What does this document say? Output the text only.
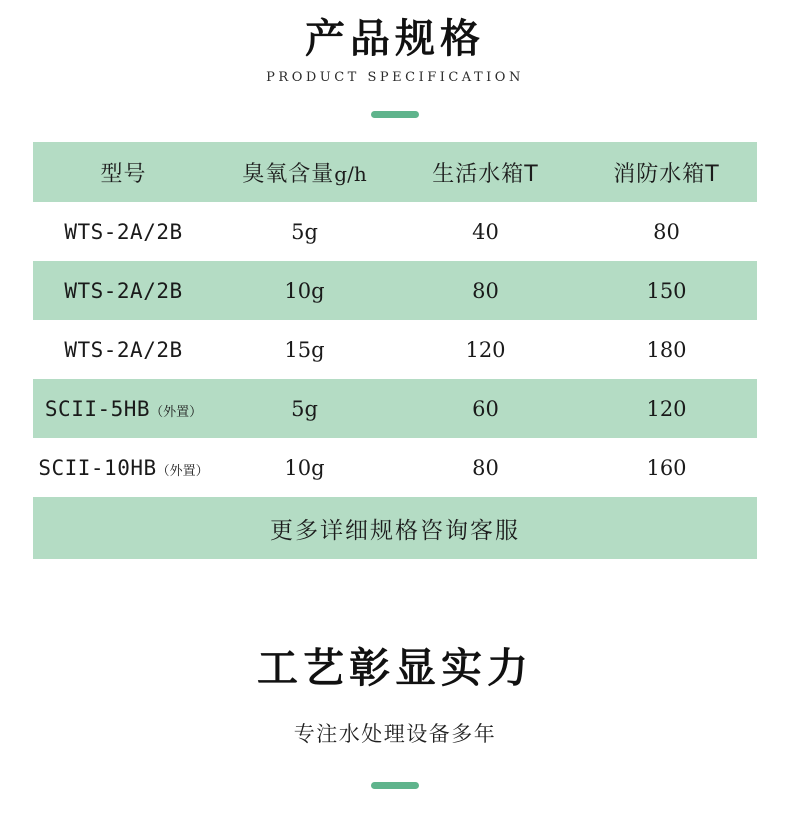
产品规格
PRODUCT SPECIFICATION
型号	臭氧含量g/h	生活水箱T	消防水箱T
WTS-2A/2B	5g	40	80
WTS-2A/2B	10g	80	150
WTS-2A/2B	15g	120	180
SCII-5HB（外置）	5g	60	120
SCII-10HB（外置）	10g	80	160
更多详细规格咨询客服			
工艺彰显实力
专注水处理设备多年
